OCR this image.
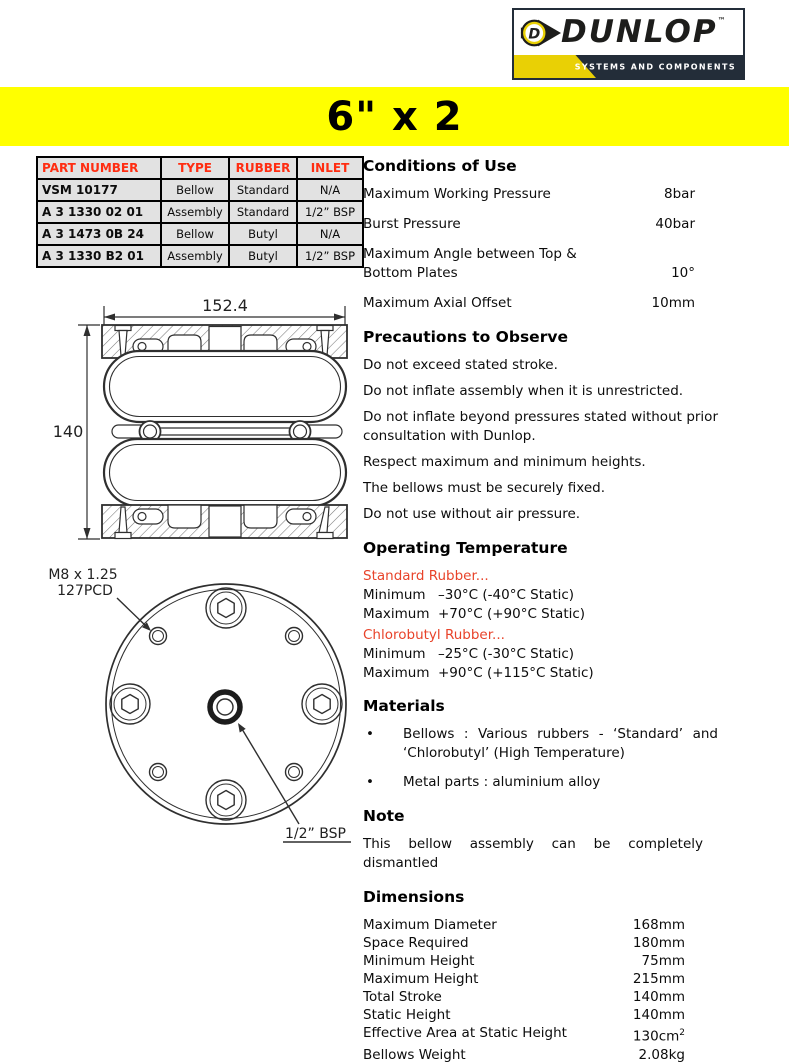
D DUNLOP™
SYSTEMS AND COMPONENTS
6" x 2
PART NUMBER	TYPE	RUBBER	INLET
VSM 10177	Bellow	Standard	N/A
A 3 1330 02 01	Assembly	Standard	1/2” BSP
A 3 1473 0B 24	Bellow	Butyl	N/A
A 3 1330 B2 01	Assembly	Butyl	1/2” BSP
152.4
140
M8 x 1.25
127PCD
1/2” BSP
Conditions of Use
Maximum Working Pressure	8bar
Burst Pressure	40bar
Maximum Angle between Top & Bottom Plates	10°
Maximum Axial Offset	10mm
Precautions to Observe

Do not exceed stated stroke.

Do not inflate assembly when it is unrestricted.

Do not inflate beyond pressures stated without prior consultation with Dunlop.

Respect maximum and minimum heights.

The bellows must be securely fixed.

Do not use without air pressure.

Operating Temperature
Standard Rubber...
Minimum –30°C (-40°C Static)
Maximum +70°C (+90°C Static)
Chlorobutyl Rubber...
Minimum –25°C (-30°C Static)
Maximum +90°C (+115°C Static)
Materials
•	Bellows : Various rubbers - ‘Standard’ and ‘Chlorobutyl’ (High Temperature)
•	Metal parts : aluminium alloy
Note

This bellow assembly can be completely dismantled

Dimensions
Maximum Diameter	168mm
Space Required	180mm
Minimum Height	75mm
Maximum Height	215mm
Total Stroke	140mm
Static Height	140mm
Effective Area at Static Height	$130cm^2$
Bellows Weight	2.08kg
